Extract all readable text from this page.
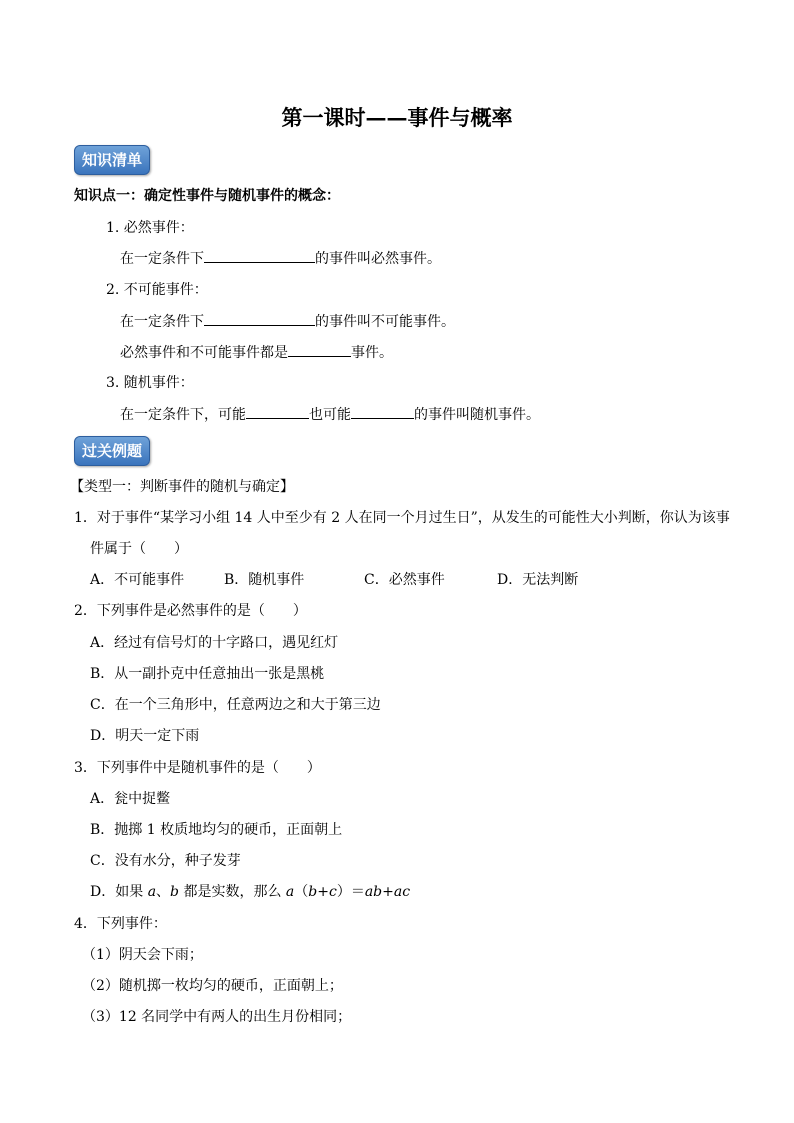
第一课时——事件与概率
知识清单
知识点一：确定性事件与随机事件的概念：
1. 必然事件：
在一定条件下	的事件叫必然事件。
2. 不可能事件：
在一定条件下	的事件叫不可能事件。
必然事件和不可能事件都是	事件。
3. 随机事件：
在一定条件下，可能	也可能	的事件叫随机事件。
过关例题
【类型一：判断事件的随机与确定】
1．对于事件“某学习小组 14 人中至少有 2 人在同一个月过生日”，从发生的可能性大小判断，你认为该事
件属于（　　）
A．不可能事件	B．随机事件	C．必然事件	D．无法判断
2．下列事件是必然事件的是（　　）
A．经过有信号灯的十字路口，遇见红灯
B．从一副扑克中任意抽出一张是黑桃
C．在一个三角形中，任意两边之和大于第三边
D．明天一定下雨
3．下列事件中是随机事件的是（　　）
A．瓮中捉鳖
B．抛掷 1 枚质地均匀的硬币，正面朝上
C．没有水分，种子发芽
D．如果 a、b 都是实数，那么 a（b+c）＝ab+ac
4．下列事件：
（1）阴天会下雨；
（2）随机掷一枚均匀的硬币，正面朝上；
（3）12 名同学中有两人的出生月份相同；
